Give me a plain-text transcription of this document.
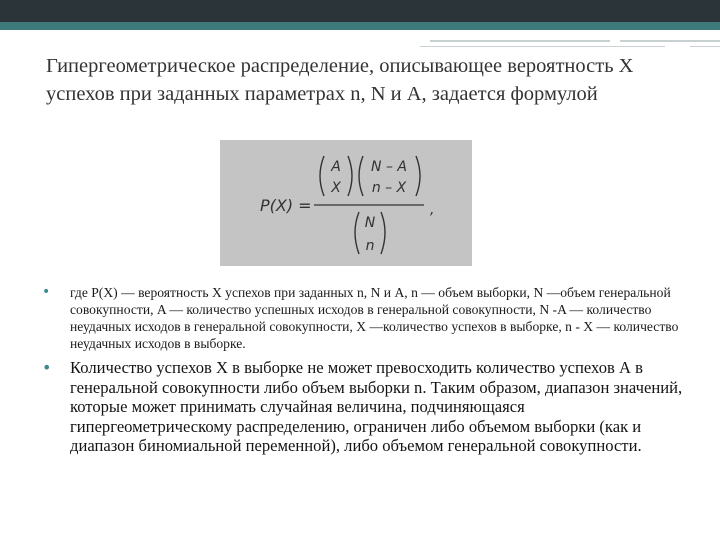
Гипергеометрическое распределение, описывающее вероятность X успехов при заданных параметрах n, N и A, задается формулой
P(X) =
A
X
N – A
n – X
N
n
,
• где Р(Х) — вероятность X успехов при заданных n, N и A, n — объем выборки, N —объем генеральной совокупности, A — количество успешных исходов в генеральной совокупности, N -A — количество неудачных исходов в генеральной совокупности, X —количество успехов в выборке, n - X — количество неудачных исходов в выборке.
• Количество успехов X в выборке не может превосходить количество успехов А в генеральной совокупности либо объем выборки n. Таким образом, диапазон значений, которые может принимать случайная величина, подчиняющаяся гипергеометрическому распределению, ограничен либо объемом выборки (как и диапазон биномиальной переменной), либо объемом генеральной совокупности.
